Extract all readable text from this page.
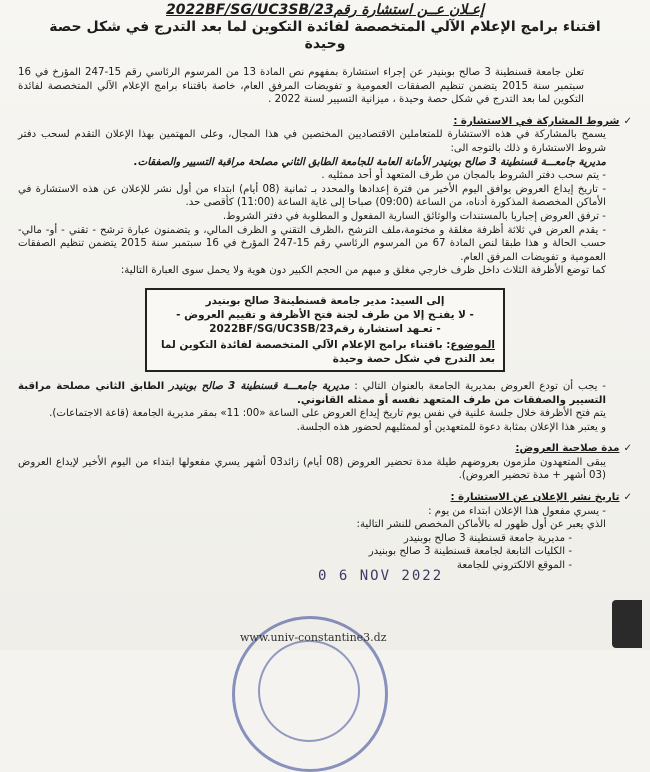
إعـلان عــن استشارة رقم2022BF/SG/UC3SB/23
اقتناء برامج الإعلام الآلي المتخصصة لفائدة التكوين لما بعد التدرج في شكل حصة وحيدة

تعلن جامعة قسنطينة 3 صالح بوبنيدر عن إجراء استشارة بمفهوم نص المادة 13 من المرسوم الرئاسي رقم 15-247 المؤرخ في 16 سبتمبر سنة 2015 يتضمن تنظيم الصفقات العمومية و تفويضات المرفق العام، خاصة باقتناء برامج الإعلام الآلي المتخصصة لفائدة التكوين لما بعد التدرج في شكل حصة وحيدة ، ميزانية التسيير لسنة 2022 .

✓شروط المشاركة في الاستشارة :

يسمح بالمشاركة في هذه الاستشارة للمتعاملين الاقتصاديين المختصين في هذا المجال، وعلى المهتمين بهذا الإعلان التقدم لسحب دفتر شروط الاستشارة و ذلك بالتوجه الى:

مديرية جامعـــة قسنطينة 3 صالح بوبنيدر الأمانة العامة للجامعة الطابق الثاني مصلحة مراقبة التسيير والصفقات.

- يتم سحب دفتر الشروط بالمجان من طرف المتعهد أو أحد ممثليه .

- تاريخ إيداع العروض يوافق اليوم الأخير من فترة إعدادها والمحدد بـ ثمانية (08 أيام) ابتداء من أول نشر للإعلان عن هذه الاستشارة في الأماكن المخصصة المذكورة أدناه، من الساعة (09:00) صباحا إلى غاية الساعة (11:00) كأقصى حد.

- ترفق العروض إجباريا بالمستندات والوثائق السارية المفعول و المطلوبة في دفتر الشروط.

- يقدم العرض في ثلاثة أظرفة مغلقة و مختومة،ملف الترشح ،الظرف التقني و الظرف المالي، و يتضمنون عبارة ترشح - تقني - أو- مالي- حسب الحالة و هذا طبقا لنص المادة 67 من المرسوم الرئاسي رقم 15-247 المؤرخ في 16 سبتمبر سنة 2015 يتضمن تنظيم الصفقات العمومية و تفويضات المرفق العام.

كما توضع الأظرفة الثلاث داخل ظرف خارجي مغلق و مبهم من الحجم الكبير دون هوية ولا يحمل سوى العبارة التالية:

إلى السيد: مدير جامعة قسنطينة3 صالح بوبنيدر
- لا يفتـح إلا من طرف لجنة فتح الأظرفة و تقييم العروض -
- تعـهد استشارة رقم2022BF/SG/UC3SB/23
الموضوع: باقتناء برامج الإعلام الآلي المتخصصة لفائدة التكوين لما بعد التدرج في شكل حصة وحيدة

- يجب أن تودع العروض بمديرية الجامعة بالعنوان التالي : مديرية جامعـــة قسنطينة 3 صالح بوبنيدر الطابق الثاني مصلحة مراقبة التسيير والصفقات من طرف المتعهد نفسه أو ممثله القانوني.

يتم فتح الأظرفة خلال جلسة علنية في نفس يوم تاريخ إيداع العروض على الساعة «00: 11» بمقر مديرية الجامعة (قاعة الاجتماعات).

و يعتبر هذا الإعلان بمثابة دعوة للمتعهدين أو لممثليهم لحضور هذه الجلسة.

✓مدة صلاحية العروض:

يبقى المتعهدون ملزمون بعروضهم طيلة مدة تحضير العروض (08 أيام) زائد03 أشهر يسري مفعولها ابتداء من اليوم الأخير لإيداع العروض (03 أشهر + مدة تحضير العروض).

✓تاريخ نشر الإعلان عن الاستشارة :

- يسري مفعول هذا الإعلان ابتداء من يوم :

الذي يعبر عن أول ظهور له بالأماكن المخصص للنشر التالية:

- مديرية جامعة قسنطينة 3 صالح بوبنيدر

- الكليات التابعة لجامعة قسنطينة 3 صالح بوبنيدر

- الموقع الالكتروني للجامعة

0 6 NOV 2022
www.univ-constantine3.dz
